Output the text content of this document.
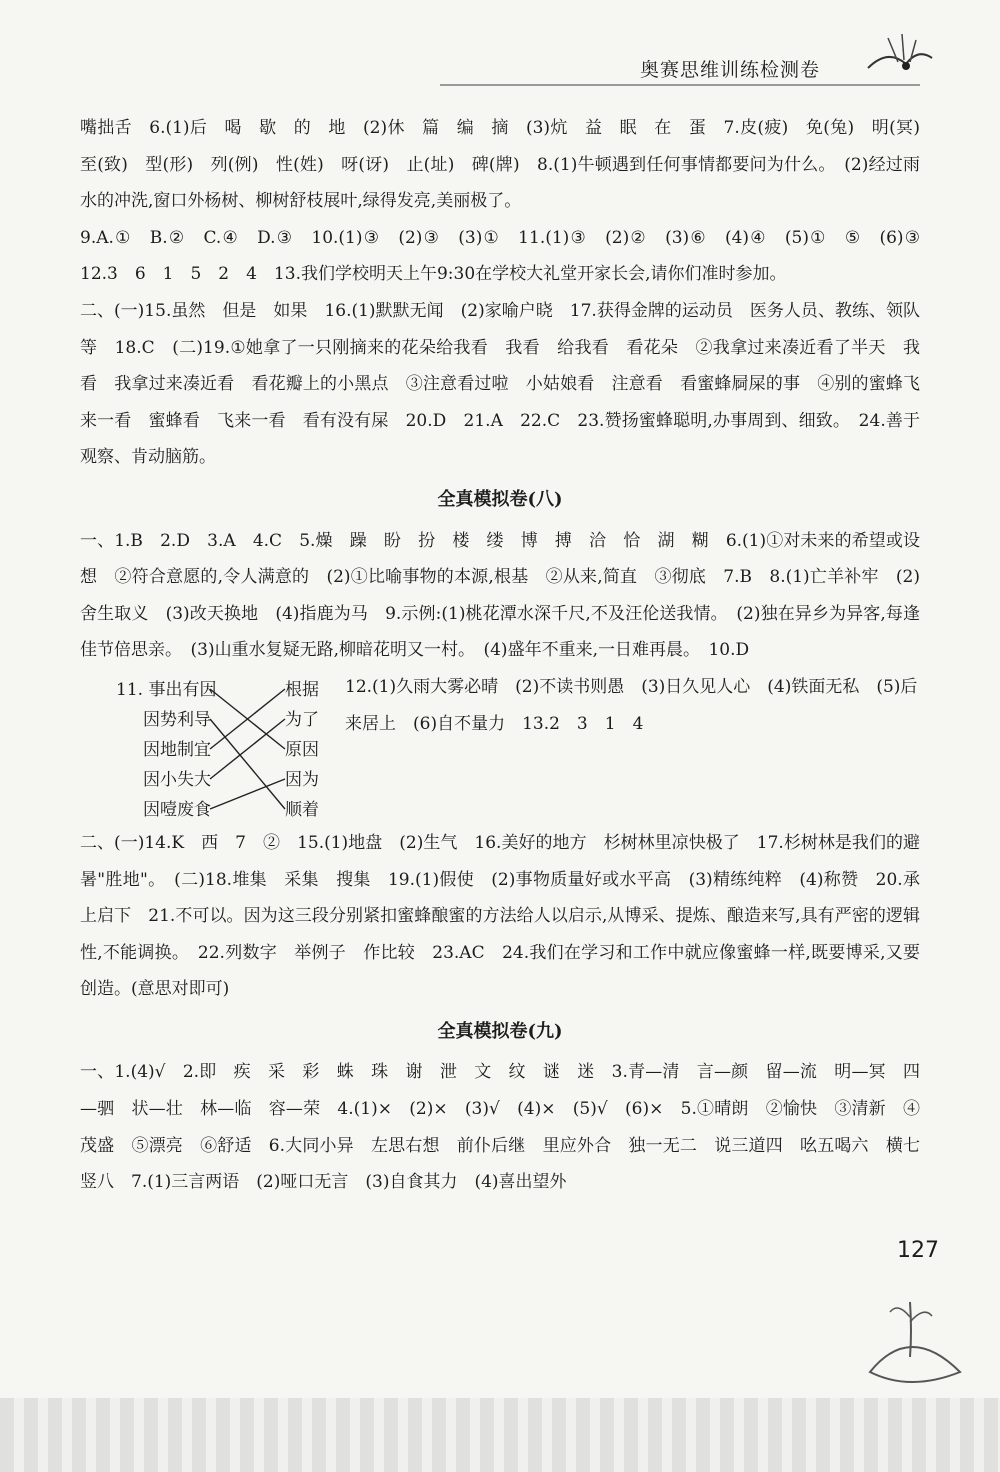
奥赛思维训练检测卷

嘴拙舌　6.(1)后　喝　歇　的　地　(2)休　篇　编　摘　(3)炕　益　眠　在　蛋　7.皮(疲)　免(兔)　明(冥)　至(致)　型(形)　列(例)　性(姓)　呀(讶)　止(址)　碑(牌)　8.(1)牛顿遇到任何事情都要问为什么。　(2)经过雨水的冲洗,窗口外杨树、柳树舒枝展叶,绿得发亮,美丽极了。

9.A.①　B.②　C.④　D.③　10.(1)③　(2)③　(3)①　11.(1)③　(2)②　(3)⑥　(4)④　(5)①　⑤　(6)③　12.3　6　1　5　2　4　13.我们学校明天上午9:30在学校大礼堂开家长会,请你们准时参加。

二、(一)15.虽然　但是　如果　16.(1)默默无闻　(2)家喻户晓　17.获得金牌的运动员　医务人员、教练、领队等　18.C　(二)19.①她拿了一只刚摘来的花朵给我看　我看　给我看　看花朵　②我拿过来凑近看了半天　我看　我拿过来凑近看　看花瓣上的小黑点　③注意看过啦　小姑娘看　注意看　看蜜蜂屙屎的事　④别的蜜蜂飞来一看　蜜蜂看　飞来一看　看有没有屎　20.D　21.A　22.C　23.赞扬蜜蜂聪明,办事周到、细致。　24.善于观察、肯动脑筋。

全真模拟卷(八)

一、1.B　2.D　3.A　4.C　5.燥　躁　盼　扮　楼　缕　博　搏　洽　恰　湖　糊　6.(1)①对未来的希望或设想　②符合意愿的,令人满意的　(2)①比喻事物的本源,根基　②从来,简直　③彻底　7.B　8.(1)亡羊补牢　(2)舍生取义　(3)改天换地　(4)指鹿为马　9.示例:(1)桃花潭水深千尺,不及汪伦送我情。　(2)独在异乡为异客,每逢佳节倍思亲。　(3)山重水复疑无路,柳暗花明又一村。　(4)盛年不重来,一日难再晨。　10.D

11. 事出有因
因势利导
因地制宜
因小失大
因噎废食
根据
为了
原因
因为
顺着
12.(1)久雨大雾必晴　(2)不读书则愚　(3)日久见人心　(4)铁面无私　(5)后来居上　(6)自不量力　13.2　3　1　4

二、(一)14.K　西　7　②　15.(1)地盘　(2)生气　16.美好的地方　杉树林里凉快极了　17.杉树林是我们的避暑"胜地"。　(二)18.堆集　采集　搜集　19.(1)假使　(2)事物质量好或水平高　(3)精练纯粹　(4)称赞　20.承上启下　21.不可以。因为这三段分别紧扣蜜蜂酿蜜的方法给人以启示,从博采、提炼、酿造来写,具有严密的逻辑性,不能调换。　22.列数字　举例子　作比较　23.AC　24.我们在学习和工作中就应像蜜蜂一样,既要博采,又要创造。(意思对即可)

全真模拟卷(九)

一、1.(4)√　2.即　疾　采　彩　蛛　珠　谢　泄　文　纹　谜　迷　3.青—清　言—颜　留—流　明—冥　四—驷　状—壮　林—临　容—荣　4.(1)×　(2)×　(3)√　(4)×　(5)√　(6)×　5.①晴朗　②愉快　③清新　④茂盛　⑤漂亮　⑥舒适　6.大同小异　左思右想　前仆后继　里应外合　独一无二　说三道四　吆五喝六　横七竖八　7.(1)三言两语　(2)哑口无言　(3)自食其力　(4)喜出望外

127
